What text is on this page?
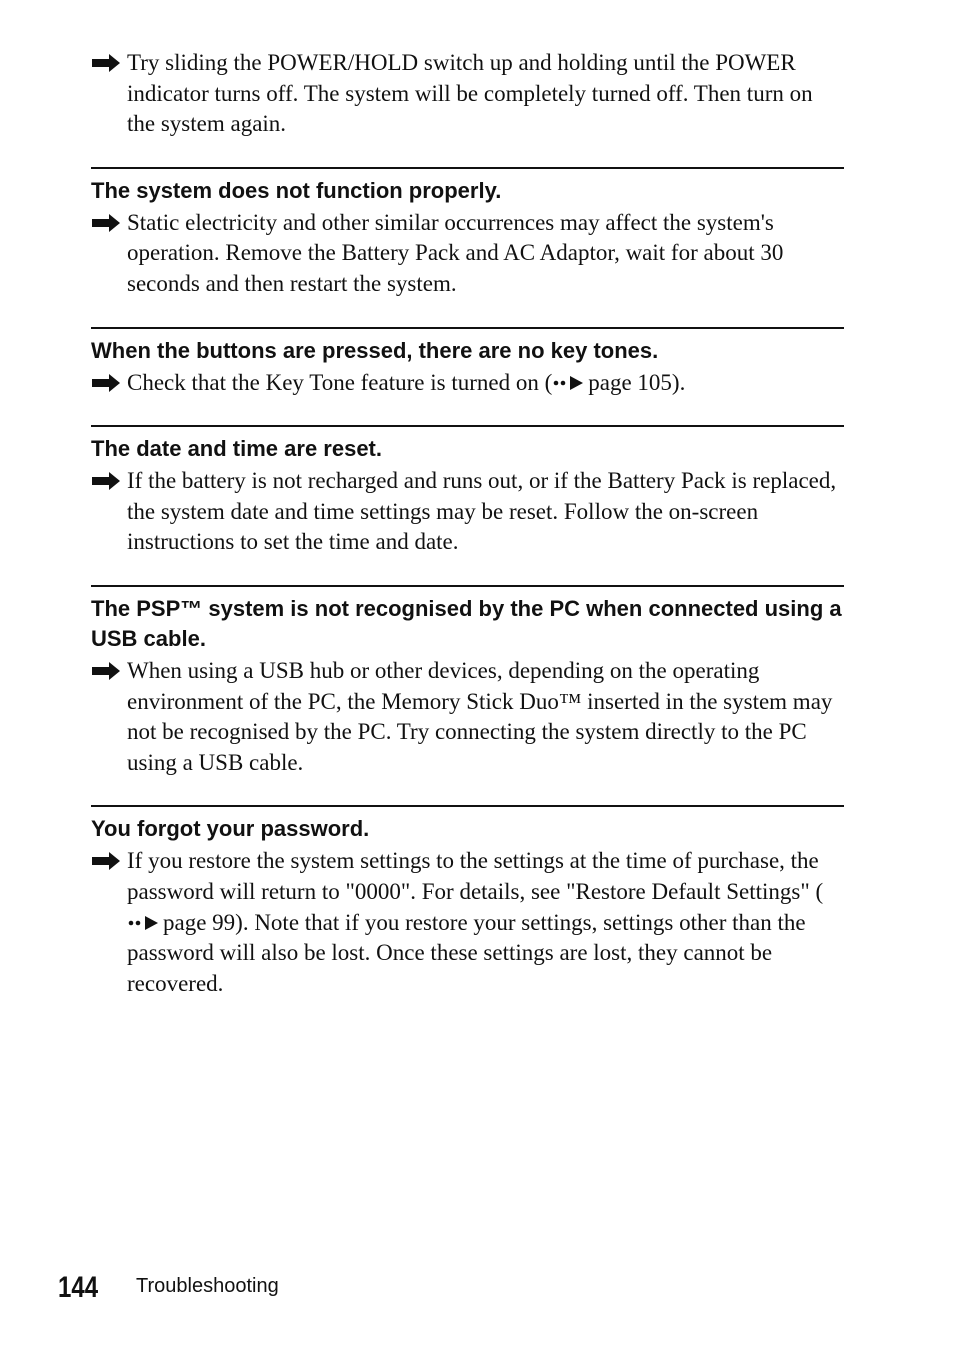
Try sliding the POWER/HOLD switch up and holding until the POWER indicator turns off. The system will be completely turned off. Then turn on the system again.
The system does not function properly.
Static electricity and other similar occurrences may affect the system's operation. Remove the Battery Pack and AC Adaptor, wait for about 30 seconds and then restart the system.
When the buttons are pressed, there are no key tones.
Check that the Key Tone feature is turned on ( page 105).
The date and time are reset.
If the battery is not recharged and runs out, or if the Battery Pack is replaced, the system date and time settings may be reset. Follow the on-screen instructions to set the time and date.
The PSP™ system is not recognised by the PC when connected using a USB cable.
When using a USB hub or other devices, depending on the operating environment of the PC, the Memory Stick Duo™ inserted in the system may not be recognised by the PC. Try connecting the system directly to the PC using a USB cable.
You forgot your password.
If you restore the system settings to the settings at the time of purchase, the password will return to "0000". For details, see "Restore Default Settings" (
page 99). Note that if you restore your settings, settings other than the password will also be lost. Once these settings are lost, they cannot be recovered.
144 Troubleshooting
